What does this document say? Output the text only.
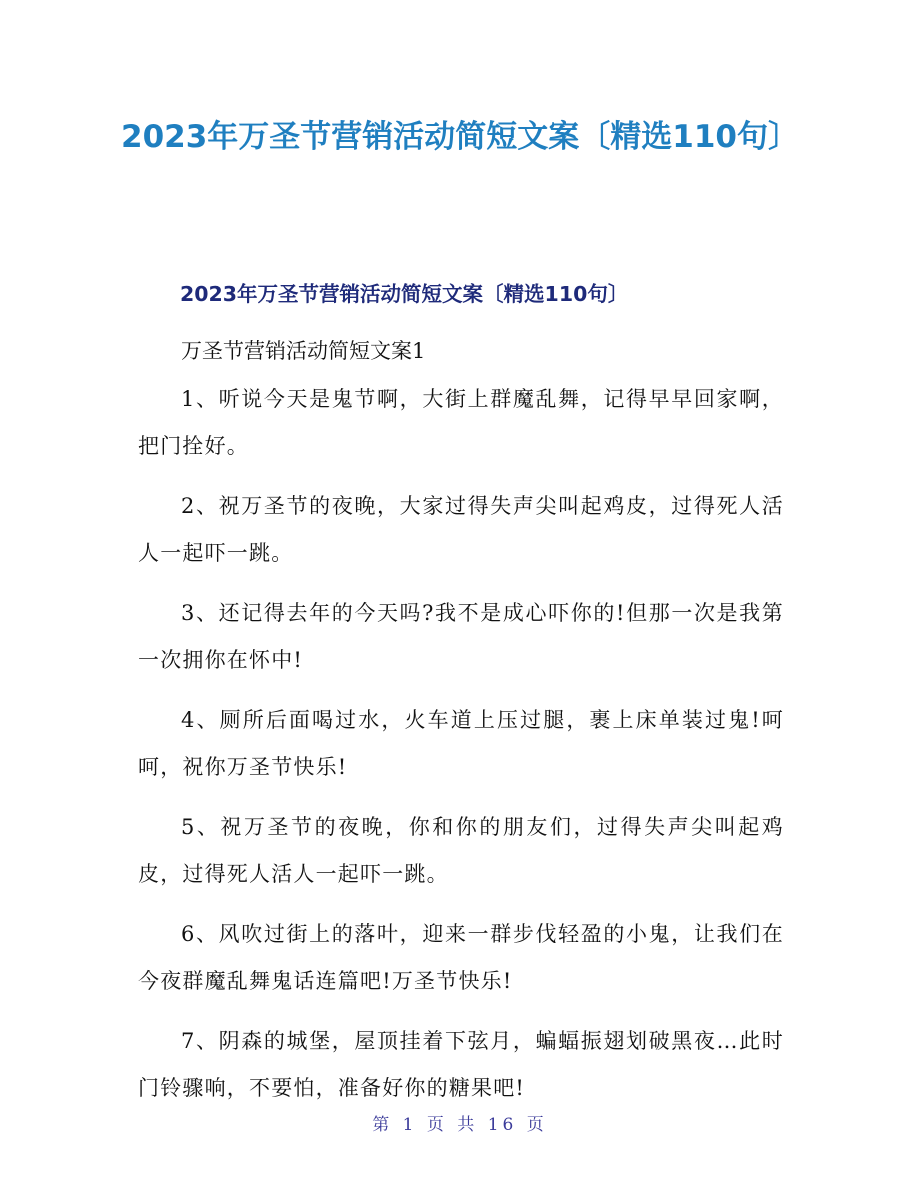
2023年万圣节营销活动简短文案〔精选110句〕
2023年万圣节营销活动简短文案〔精选110句〕
万圣节营销活动简短文案1
1、听说今天是鬼节啊，大街上群魔乱舞，记得早早回家啊，把门拴好。
2、祝万圣节的夜晚，大家过得失声尖叫起鸡皮，过得死人活人一起吓一跳。
3、还记得去年的今天吗?我不是成心吓你的!但那一次是我第一次拥你在怀中!
4、厕所后面喝过水，火车道上压过腿，裹上床单装过鬼!呵呵，祝你万圣节快乐!
5、祝万圣节的夜晚，你和你的朋友们，过得失声尖叫起鸡皮，过得死人活人一起吓一跳。
6、风吹过街上的落叶，迎来一群步伐轻盈的小鬼，让我们在今夜群魔乱舞鬼话连篇吧!万圣节快乐!
7、阴森的城堡，屋顶挂着下弦月，蝙蝠振翅划破黑夜…此时门铃骤响，不要怕，准备好你的糖果吧!
第 1 页 共 16 页
